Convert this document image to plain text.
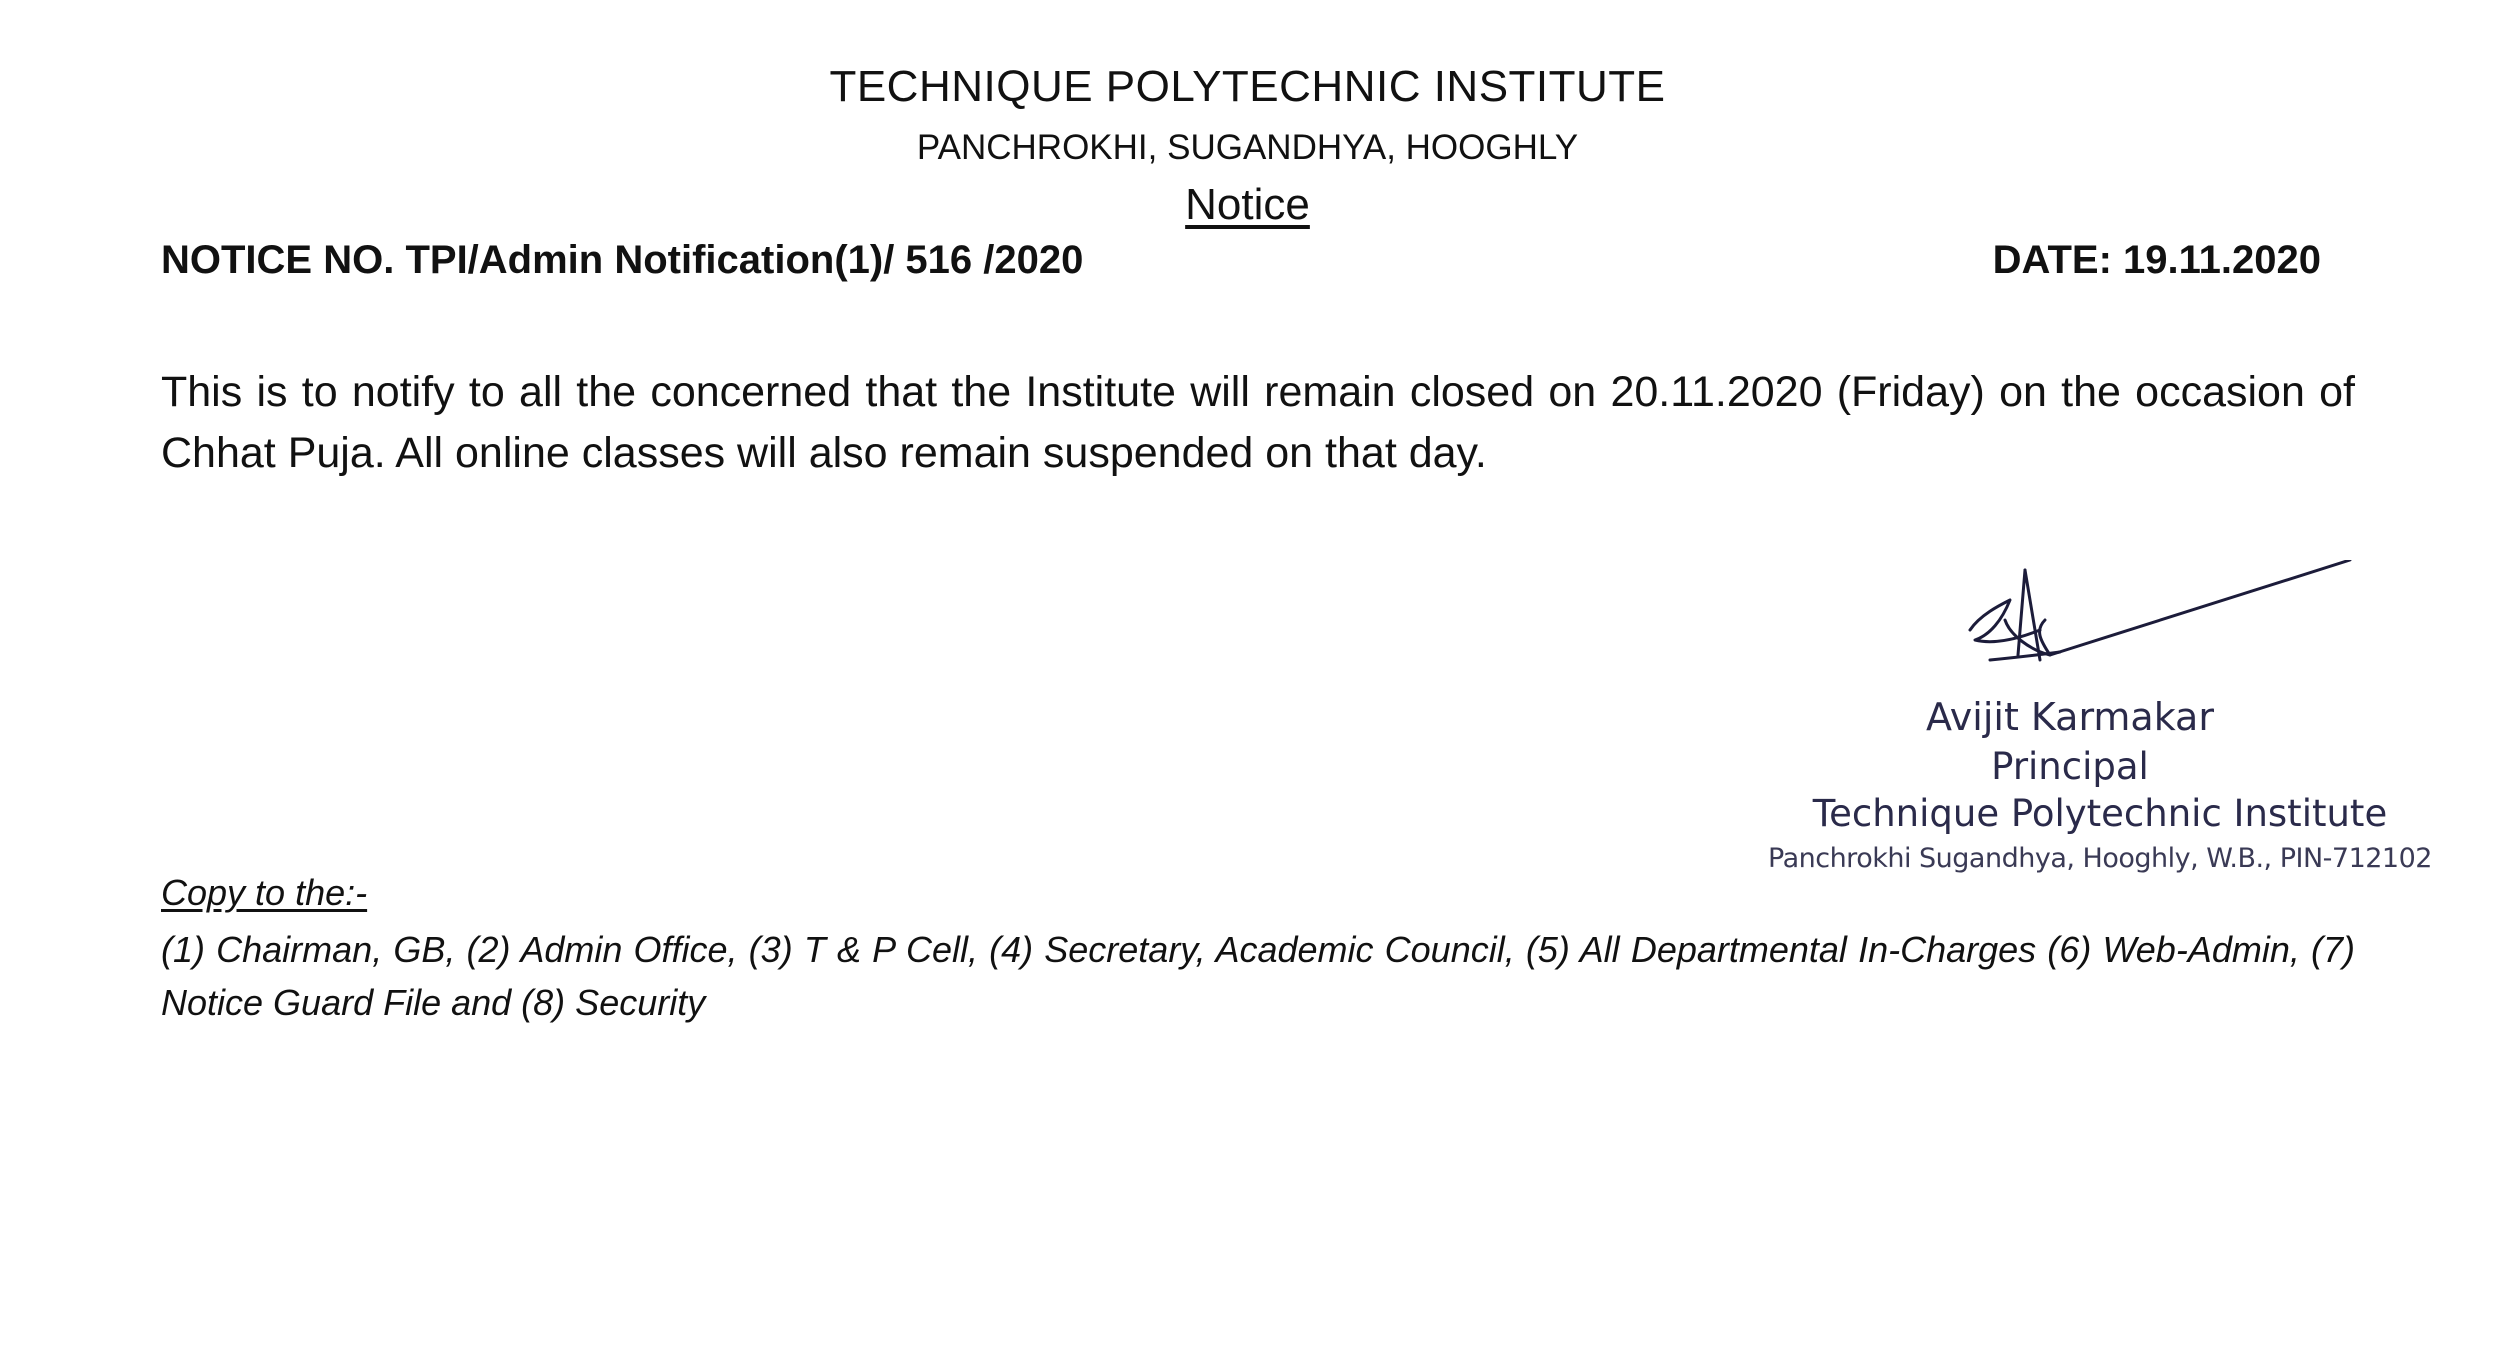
TECHNIQUE POLYTECHNIC INSTITUTE
PANCHROKHI, SUGANDHYA, HOOGHLY
Notice
NOTICE NO. TPI/Admin Notification(1)/ 516 /2020	DATE: 19.11.2020
This is to notify to all the concerned that the Institute will remain closed on 20.11.2020 (Friday) on the occasion of Chhat Puja. All online classes will also remain suspended on that day.
Avijit Karmakar
Principal
Technique Polytechnic Institute
Panchrokhi Sugandhya, Hooghly, W.B., PIN-712102
Copy to the:-
(1) Chairman, GB, (2) Admin Office, (3) T & P Cell, (4) Secretary, Academic Council, (5) All Departmental In-Charges (6) Web-Admin, (7) Notice Guard File and (8) Security
